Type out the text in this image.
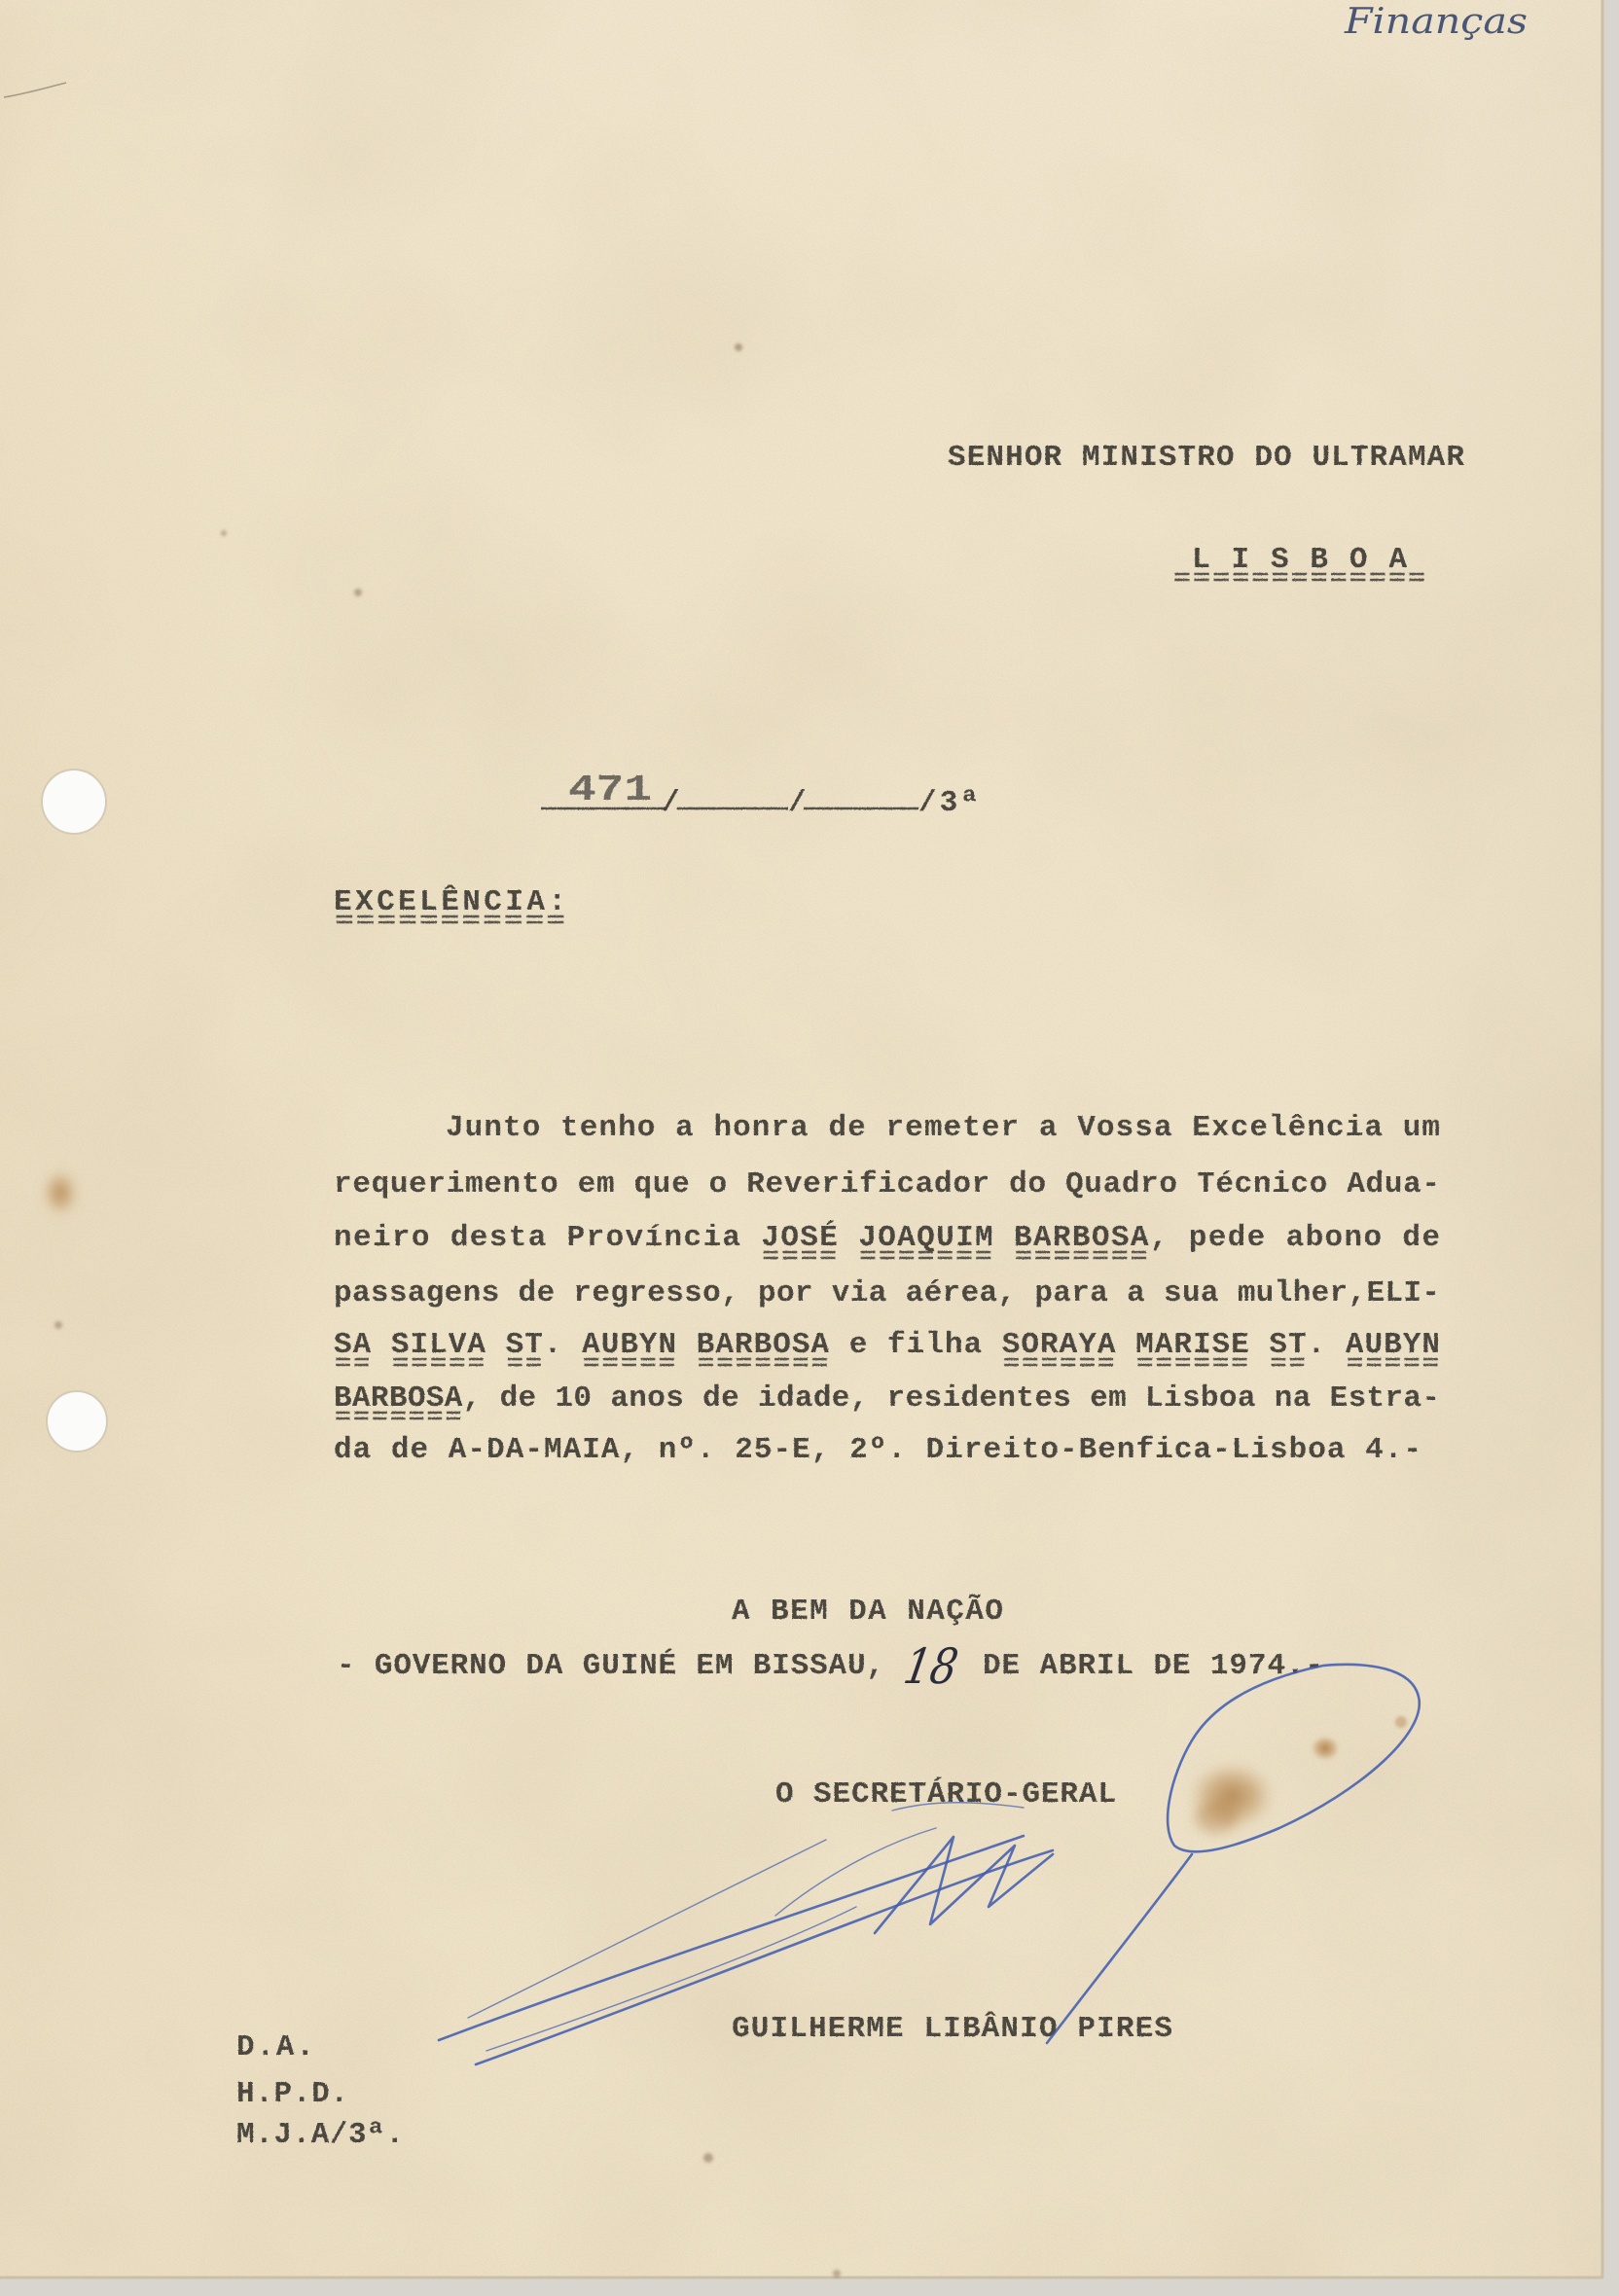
Finanças
SENHOR MINISTRO DO ULTRAMAR
L I S B O A
471 /	/	/3ª
EXCELÊNCIA:
Junto tenho a honra de remeter a Vossa Excelência um
requerimento em que o Reverificador do Quadro Técnico Adua-
neiro desta Província JOSÉ JOAQUIM BARBOSA, pede abono de
passagens de regresso, por via aérea, para a sua mulher,ELI-
SA SILVA ST. AUBYN BARBOSA e filha SORAYA MARISE ST. AUBYN
BARBOSA, de 10 anos de idade, residentes em Lisboa na Estra-
da de A-DA-MAIA, nº. 25-E, 2º. Direito-Benfica-Lisboa 4.-
A BEM DA NAÇÃO
- GOVERNO DA GUINÉ EM BISSAU,	DE ABRIL DE 1974.-
O SECRETÁRIO-GERAL
GUILHERME LIBÂNIO PIRES
D.A.
H.P.D.
M.J.A/3ª.
18
